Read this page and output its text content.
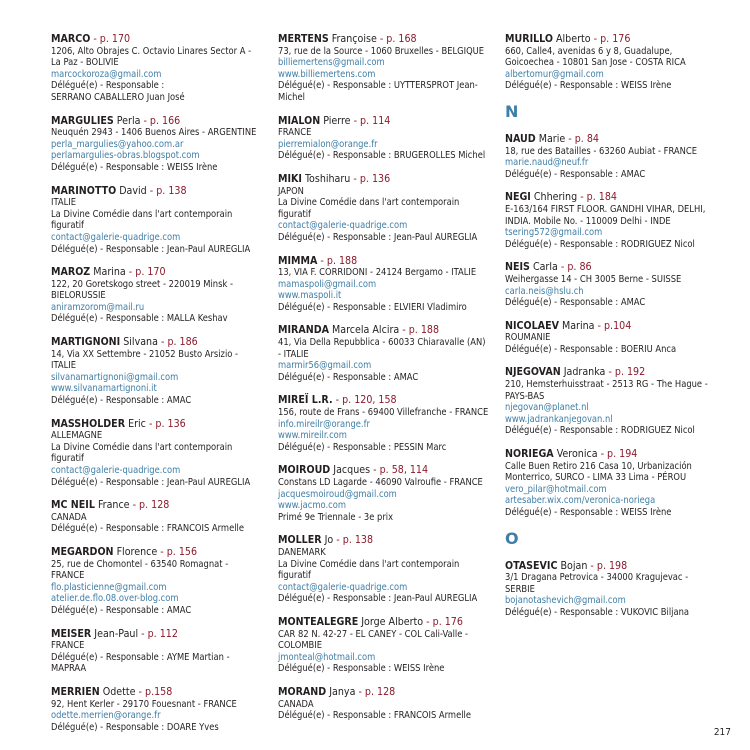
MARCO - p. 170
1206, Alto Obrajes C. Octavio Linares Sector A - La Paz - BOLIVIE
marcockoroza@gmail.com
Délégué(e) - Responsable :
SERRANO CABALLERO Juan José
MARGULIES Perla - p. 166
Neuquén 2943 - 1406 Buenos Aires - ARGENTINE
perla_margulies@yahoo.com.ar
perlamargulies-obras.blogspot.com
Délégué(e) - Responsable : WEISS Irène
MARINOTTO David - p. 138
ITALIE
La Divine Comédie dans l'art contemporain figuratif
contact@galerie-quadrige.com
Délégué(e) - Responsable : Jean-Paul AUREGLIA
MAROZ Marina - p. 170
122, 20 Goretskogo street - 220019 Minsk - BIELORUSSIE
aniramzorom@mail.ru
Délégué(e) - Responsable : MALLA Keshav
MARTIGNONI Silvana - p. 186
14, Via XX Settembre - 21052 Busto Arsizio - ITALIE
silvanamartignoni@gmail.com
www.silvanamartignoni.it
Délégué(e) - Responsable : AMAC
MASSHOLDER Eric - p. 136
ALLEMAGNE
La Divine Comédie dans l'art contemporain figuratif
contact@galerie-quadrige.com
Délégué(e) - Responsable : Jean-Paul AUREGLIA
MC NEIL France - p. 128
CANADA
Délégué(e) - Responsable : FRANCOIS Armelle
MEGARDON Florence - p. 156
25, rue de Chomontel - 63540 Romagnat - FRANCE
flo.plasticienne@gmail.com
atelier.de.flo.08.over-blog.com
Délégué(e) - Responsable : AMAC
MEISER Jean-Paul - p. 112
FRANCE
Délégué(e) - Responsable : AYME Martian - MAPRAA
MERRIEN Odette - p.158
92, Hent Kerler - 29170 Fouesnant - FRANCE
odette.merrien@orange.fr
Délégué(e) - Responsable : DOARE Yves
MERTENS Françoise - p. 168
73, rue de la Source - 1060 Bruxelles - BELGIQUE
billiemertens@gmail.com
www.billiemertens.com
Délégué(e) - Responsable : UYTTERSPROT Jean-Michel
MIALON Pierre - p. 114
FRANCE
pierremialon@orange.fr
Délégué(e) - Responsable : BRUGEROLLES Michel
MIKI Toshiharu - p. 136
JAPON
La Divine Comédie dans l'art contemporain figuratif
contact@galerie-quadrige.com
Délégué(e) - Responsable : Jean-Paul AUREGLIA
MIMMA - p. 188
13, VIA F. CORRIDONI - 24124 Bergamo - ITALIE
mamaspoli@gmail.com
www.maspoli.it
Délégué(e) - Responsable : ELVIERI Vladimiro
MIRANDA Marcela Alcira - p. 188
41, Via Della Repubblica - 60033 Chiaravalle (AN) - ITALIE
marmir56@gmail.com
Délégué(e) - Responsable : AMAC
MIREÏ L.R. - p. 120, 158
156, route de Frans - 69400 Villefranche - FRANCE
info.mireilr@orange.fr
www.mireilr.com
Délégué(e) - Responsable : PESSIN Marc
MOIROUD Jacques - p. 58, 114
Constans LD Lagarde - 46090 Valroufie - FRANCE
jacquesmoiroud@gmail.com
www.jacmo.com
Primé 9e Triennale - 3e prix
MOLLER Jo - p. 138
DANEMARK
La Divine Comédie dans l'art contemporain figuratif
contact@galerie-quadrige.com
Délégué(e) - Responsable : Jean-Paul AUREGLIA
MONTEALEGRE Jorge Alberto - p. 176
CAR 82 N. 42-27 - EL CANEY - COL Cali-Valle - COLOMBIE
jmonteal@hotmail.com
Délégué(e) - Responsable : WEISS Irène
MORAND Janya - p. 128
CANADA
Délégué(e) - Responsable : FRANCOIS Armelle
MURILLO Alberto - p. 176
660, Calle4, avenidas 6 y 8, Guadalupe, Goicoechea - 10801 San Jose - COSTA RICA
albertomur@gmail.com
Délégué(e) - Responsable : WEISS Irène
N
NAUD Marie - p. 84
18, rue des Batailles - 63260 Aubiat - FRANCE
marie.naud@neuf.fr
Délégué(e) - Responsable : AMAC
NEGI Chhering - p. 184
E-163/164 FIRST FLOOR. GANDHI VIHAR, DELHI, INDIA. Mobile No. - 110009 Delhi - INDE
tsering572@gmail.com
Délégué(e) - Responsable : RODRIGUEZ Nicol
NEIS Carla - p. 86
Weihergasse 14 - CH 3005 Berne - SUISSE
carla.neis@hslu.ch
Délégué(e) - Responsable : AMAC
NICOLAEV Marina - p.104
ROUMANIE
Délégué(e) - Responsable : BOERIU Anca
NJEGOVAN Jadranka - p. 192
210, Hemsterhuisstraat - 2513 RG - The Hague - PAYS-BAS
njegovan@planet.nl
www.jadrankanjegovan.nl
Délégué(e) - Responsable : RODRIGUEZ Nicol
NORIEGA Veronica - p. 194
Calle Buen Retiro 216 Casa 10, Urbanización Monterrico, SURCO - LIMA 33 Lima - PÉROU
vero_pilar@hotmail.com
artesaber.wix.com/veronica-noriega
Délégué(e) - Responsable : WEISS Irène
O
OTASEVIC Bojan - p. 198
3/1 Dragana Petrovica - 34000 Kragujevac - SERBIE
bojanotashevich@gmail.com
Délégué(e) - Responsable : VUKOVIC Biljana
217
